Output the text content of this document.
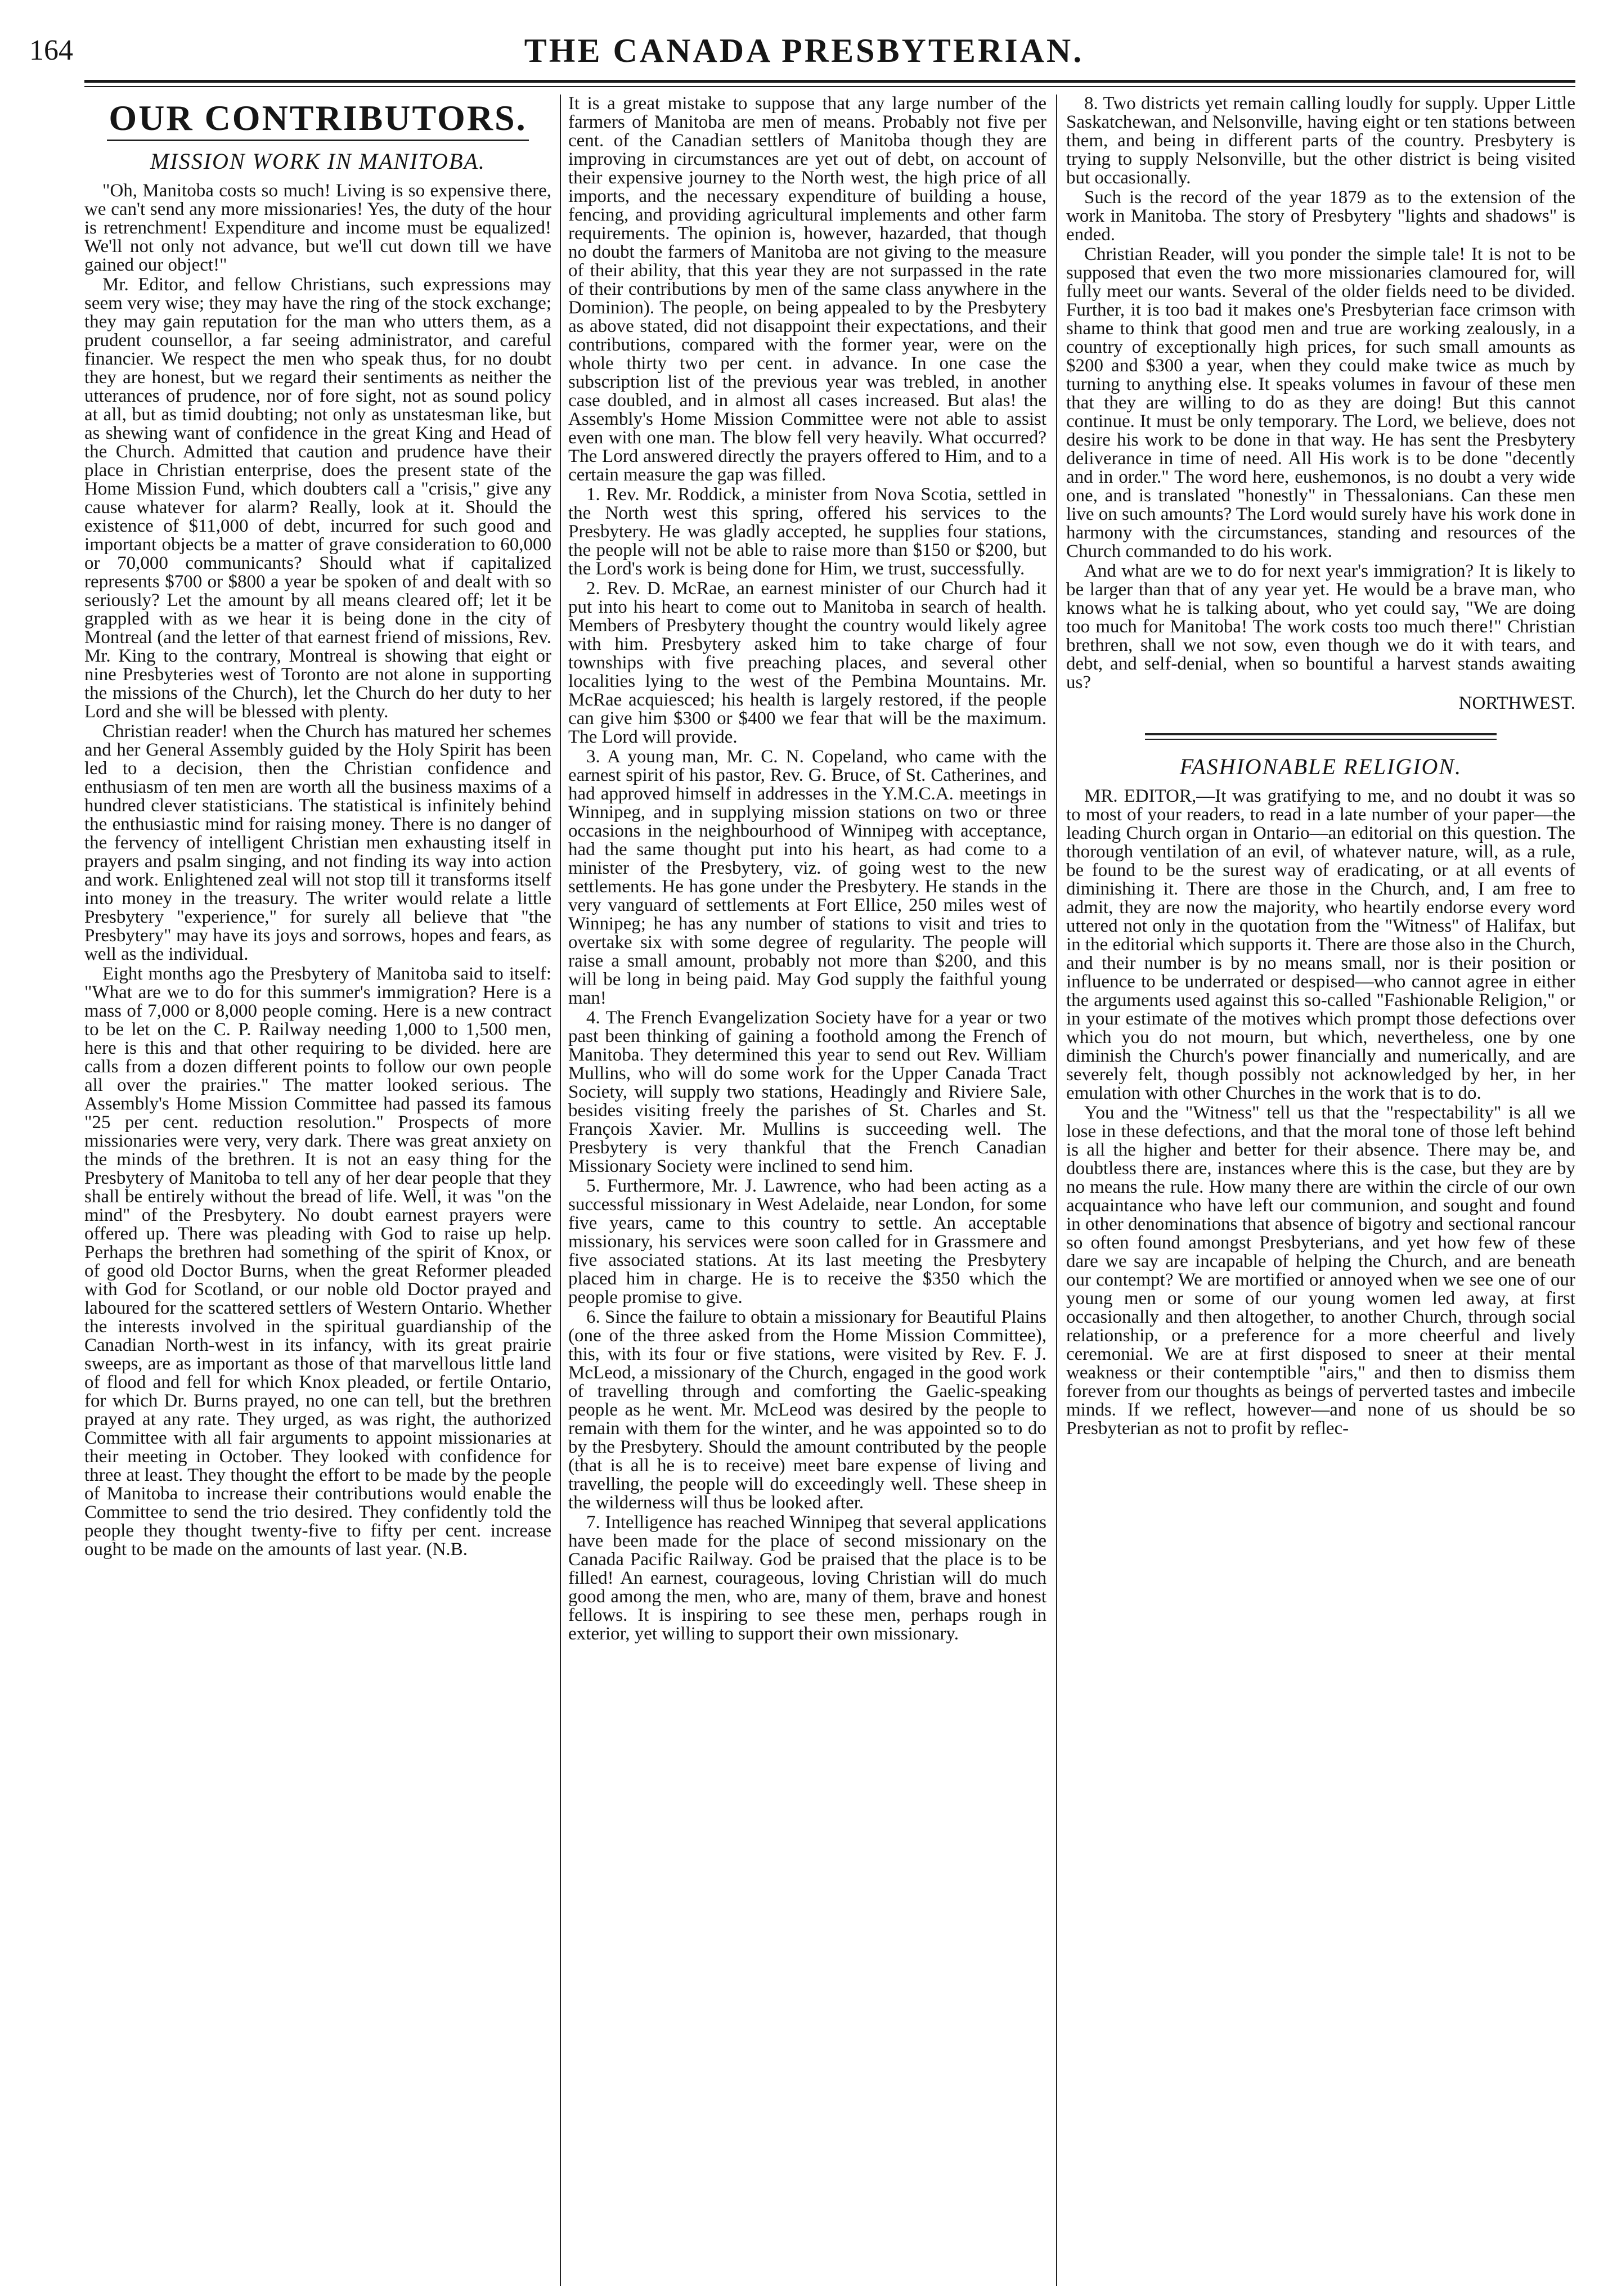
164	THE CANADA PRESBYTERIAN.
OUR CONTRIBUTORS.
MISSION WORK IN MANITOBA.

"Oh, Manitoba costs so much! Living is so expensive there, we can't send any more missionaries! Yes, the duty of the hour is retrenchment! Expenditure and income must be equalized! We'll not only not advance, but we'll cut down till we have gained our object!"

Mr. Editor, and fellow Christians, such expressions may seem very wise; they may have the ring of the stock exchange; they may gain reputation for the man who utters them, as a prudent counsellor, a far seeing administrator, and careful financier. We respect the men who speak thus, for no doubt they are honest, but we regard their sentiments as neither the utterances of prudence, nor of fore sight, not as sound policy at all, but as timid doubting; not only as unstatesman like, but as shewing want of confidence in the great King and Head of the Church. Admitted that caution and prudence have their place in Christian enterprise, does the present state of the Home Mission Fund, which doubters call a "crisis," give any cause whatever for alarm? Really, look at it. Should the existence of $11,000 of debt, incurred for such good and important objects be a matter of grave consideration to 60,000 or 70,000 communicants? Should what if capitalized represents $700 or $800 a year be spoken of and dealt with so seriously? Let the amount by all means cleared off; let it be grappled with as we hear it is being done in the city of Montreal (and the letter of that earnest friend of missions, Rev. Mr. King to the contrary, Montreal is showing that eight or nine Presbyteries west of Toronto are not alone in supporting the missions of the Church), let the Church do her duty to her Lord and she will be blessed with plenty.

Christian reader! when the Church has matured her schemes and her General Assembly guided by the Holy Spirit has been led to a decision, then the Christian confidence and enthusiasm of ten men are worth all the business maxims of a hundred clever statisticians. The statistical is infinitely behind the enthusiastic mind for raising money. There is no danger of the fervency of intelligent Christian men exhausting itself in prayers and psalm singing, and not finding its way into action and work. Enlightened zeal will not stop till it transforms itself into money in the treasury. The writer would relate a little Presbytery "experience," for surely all believe that "the Presbytery" may have its joys and sorrows, hopes and fears, as well as the individual.

Eight months ago the Presbytery of Manitoba said to itself: "What are we to do for this summer's immigration? Here is a mass of 7,000 or 8,000 people coming. Here is a new contract to be let on the C. P. Railway needing 1,000 to 1,500 men, here is this and that other requiring to be divided. here are calls from a dozen different points to follow our own people all over the prairies." The matter looked serious. The Assembly's Home Mission Committee had passed its famous "25 per cent. reduction resolution." Prospects of more missionaries were very, very dark. There was great anxiety on the minds of the brethren. It is not an easy thing for the Presbytery of Manitoba to tell any of her dear people that they shall be entirely without the bread of life. Well, it was "on the mind" of the Presbytery. No doubt earnest prayers were offered up. There was pleading with God to raise up help. Perhaps the brethren had something of the spirit of Knox, or of good old Doctor Burns, when the great Reformer pleaded with God for Scotland, or our noble old Doctor prayed and laboured for the scattered settlers of Western Ontario. Whether the interests involved in the spiritual guardianship of the Canadian North-west in its infancy, with its great prairie sweeps, are as important as those of that marvellous little land of flood and fell for which Knox pleaded, or fertile Ontario, for which Dr. Burns prayed, no one can tell, but the brethren prayed at any rate. They urged, as was right, the authorized Committee with all fair arguments to appoint missionaries at their meeting in October. They looked with confidence for three at least. They thought the effort to be made by the people of Manitoba to increase their contributions would enable the Committee to send the trio desired. They confidently told the people they thought twenty-five to fifty per cent. increase ought to be made on the amounts of last year. (N.B.

It is a great mistake to suppose that any large number of the farmers of Manitoba are men of means. Probably not five per cent. of the Canadian settlers of Manitoba though they are improving in circumstances are yet out of debt, on account of their expensive journey to the North west, the high price of all imports, and the necessary expenditure of building a house, fencing, and providing agricultural implements and other farm requirements. The opinion is, however, hazarded, that though no doubt the farmers of Manitoba are not giving to the measure of their ability, that this year they are not surpassed in the rate of their contributions by men of the same class anywhere in the Dominion). The people, on being appealed to by the Presbytery as above stated, did not disappoint their expectations, and their contributions, compared with the former year, were on the whole thirty two per cent. in advance. In one case the subscription list of the previous year was trebled, in another case doubled, and in almost all cases increased. But alas! the Assembly's Home Mission Committee were not able to assist even with one man. The blow fell very heavily. What occurred? The Lord answered directly the prayers offered to Him, and to a certain measure the gap was filled.

1. Rev. Mr. Roddick, a minister from Nova Scotia, settled in the North west this spring, offered his services to the Presbytery. He was gladly accepted, he supplies four stations, the people will not be able to raise more than $150 or $200, but the Lord's work is being done for Him, we trust, successfully.

2. Rev. D. McRae, an earnest minister of our Church had it put into his heart to come out to Manitoba in search of health. Members of Presbytery thought the country would likely agree with him. Presbytery asked him to take charge of four townships with five preaching places, and several other localities lying to the west of the Pembina Mountains. Mr. McRae acquiesced; his health is largely restored, if the people can give him $300 or $400 we fear that will be the maximum. The Lord will provide.

3. A young man, Mr. C. N. Copeland, who came with the earnest spirit of his pastor, Rev. G. Bruce, of St. Catherines, and had approved himself in addresses in the Y.M.C.A. meetings in Winnipeg, and in supplying mission stations on two or three occasions in the neighbourhood of Winnipeg with acceptance, had the same thought put into his heart, as had come to a minister of the Presbytery, viz. of going west to the new settlements. He has gone under the Presbytery. He stands in the very vanguard of settlements at Fort Ellice, 250 miles west of Winnipeg; he has any number of stations to visit and tries to overtake six with some degree of regularity. The people will raise a small amount, probably not more than $200, and this will be long in being paid. May God supply the faithful young man!

4. The French Evangelization Society have for a year or two past been thinking of gaining a foothold among the French of Manitoba. They determined this year to send out Rev. William Mullins, who will do some work for the Upper Canada Tract Society, will supply two stations, Headingly and Riviere Sale, besides visiting freely the parishes of St. Charles and St. François Xavier. Mr. Mullins is succeeding well. The Presbytery is very thankful that the French Canadian Missionary Society were inclined to send him.

5. Furthermore, Mr. J. Lawrence, who had been acting as a successful missionary in West Adelaide, near London, for some five years, came to this country to settle. An acceptable missionary, his services were soon called for in Grassmere and five associated stations. At its last meeting the Presbytery placed him in charge. He is to receive the $350 which the people promise to give.

6. Since the failure to obtain a missionary for Beautiful Plains (one of the three asked from the Home Mission Committee), this, with its four or five stations, were visited by Rev. F. J. McLeod, a missionary of the Church, engaged in the good work of travelling through and comforting the Gaelic-speaking people as he went. Mr. McLeod was desired by the people to remain with them for the winter, and he was appointed so to do by the Presbytery. Should the amount contributed by the people (that is all he is to receive) meet bare expense of living and travelling, the people will do exceedingly well. These sheep in the wilderness will thus be looked after.

7. Intelligence has reached Winnipeg that several applications have been made for the place of second missionary on the Canada Pacific Railway. God be praised that the place is to be filled! An earnest, courageous, loving Christian will do much good among the men, who are, many of them, brave and honest fellows. It is inspiring to see these men, perhaps rough in exterior, yet willing to support their own missionary.

8. Two districts yet remain calling loudly for supply. Upper Little Saskatchewan, and Nelsonville, having eight or ten stations between them, and being in different parts of the country. Presbytery is trying to supply Nelsonville, but the other district is being visited but occasionally.

Such is the record of the year 1879 as to the extension of the work in Manitoba. The story of Presbytery "lights and shadows" is ended.

Christian Reader, will you ponder the simple tale! It is not to be supposed that even the two more missionaries clamoured for, will fully meet our wants. Several of the older fields need to be divided. Further, it is too bad it makes one's Presbyterian face crimson with shame to think that good men and true are working zealously, in a country of exceptionally high prices, for such small amounts as $200 and $300 a year, when they could make twice as much by turning to anything else. It speaks volumes in favour of these men that they are willing to do as they are doing! But this cannot continue. It must be only temporary. The Lord, we believe, does not desire his work to be done in that way. He has sent the Presbytery deliverance in time of need. All His work is to be done "decently and in order." The word here, eushemonos, is no doubt a very wide one, and is translated "honestly" in Thessalonians. Can these men live on such amounts? The Lord would surely have his work done in harmony with the circumstances, standing and resources of the Church commanded to do his work.

And what are we to do for next year's immigration? It is likely to be larger than that of any year yet. He would be a brave man, who knows what he is talking about, who yet could say, "We are doing too much for Manitoba! The work costs too much there!" Christian brethren, shall we not sow, even though we do it with tears, and debt, and self-denial, when so bountiful a harvest stands awaiting us?

NORTHWEST.
FASHIONABLE RELIGION.

MR. EDITOR,—It was gratifying to me, and no doubt it was so to most of your readers, to read in a late number of your paper—the leading Church organ in Ontario—an editorial on this question. The thorough ventilation of an evil, of whatever nature, will, as a rule, be found to be the surest way of eradicating, or at all events of diminishing it. There are those in the Church, and, I am free to admit, they are now the majority, who heartily endorse every word uttered not only in the quotation from the "Witness" of Halifax, but in the editorial which supports it. There are those also in the Church, and their number is by no means small, nor is their position or influence to be underrated or despised—who cannot agree in either the arguments used against this so-called "Fashionable Religion," or in your estimate of the motives which prompt those defections over which you do not mourn, but which, nevertheless, one by one diminish the Church's power financially and numerically, and are severely felt, though possibly not acknowledged by her, in her emulation with other Churches in the work that is to do.

You and the "Witness" tell us that the "respectability" is all we lose in these defections, and that the moral tone of those left behind is all the higher and better for their absence. There may be, and doubtless there are, instances where this is the case, but they are by no means the rule. How many there are within the circle of our own acquaintance who have left our communion, and sought and found in other denominations that absence of bigotry and sectional rancour so often found amongst Presbyterians, and yet how few of these dare we say are incapable of helping the Church, and are beneath our contempt? We are mortified or annoyed when we see one of our young men or some of our young women led away, at first occasionally and then altogether, to another Church, through social relationship, or a preference for a more cheerful and lively ceremonial. We are at first disposed to sneer at their mental weakness or their contemptible "airs," and then to dismiss them forever from our thoughts as beings of perverted tastes and imbecile minds. If we reflect, however—and none of us should be so Presbyterian as not to profit by reflec-
